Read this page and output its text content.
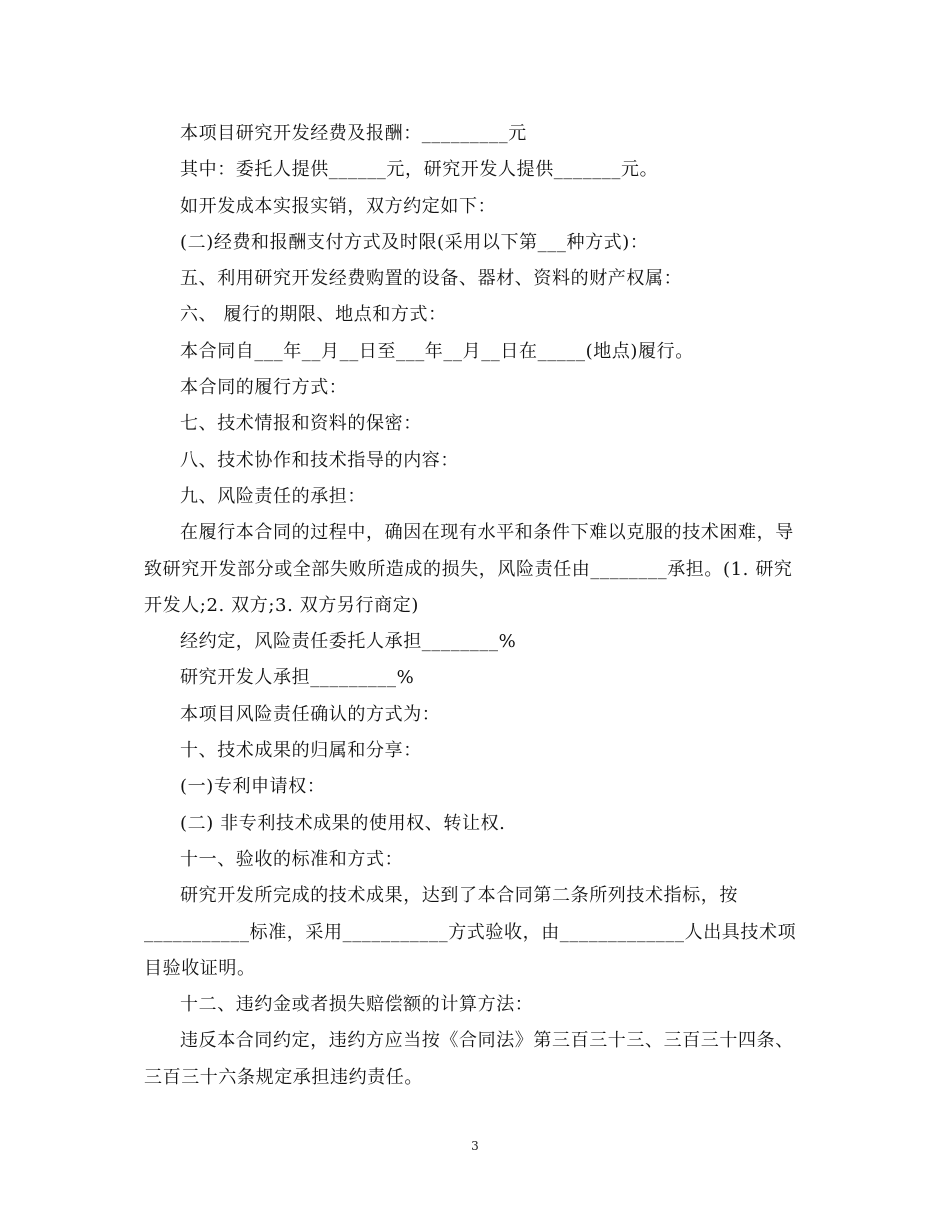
本项目研究开发经费及报酬：_________元
其中：委托人提供______元，研究开发人提供_______元。
如开发成本实报实销，双方约定如下：
(二)经费和报酬支付方式及时限(采用以下第___种方式)：
五、利用研究开发经费购置的设备、器材、资料的财产权属：
六、 履行的期限、地点和方式：
本合同自___年__月__日至___年__月__日在_____(地点)履行。
本合同的履行方式：
七、技术情报和资料的保密：
八、技术协作和技术指导的内容：
九、风险责任的承担：
在履行本合同的过程中，确因在现有水平和条件下难以克服的技术困难，导
致研究开发部分或全部失败所造成的损失，风险责任由________承担。(1. 研究
开发人;2. 双方;3. 双方另行商定)
经约定，风险责任委托人承担________%
研究开发人承担_________%
本项目风险责任确认的方式为：
十、技术成果的归属和分享：
(一)专利申请权：
(二) 非专利技术成果的使用权、转让权.
十一、验收的标准和方式：
研究开发所完成的技术成果，达到了本合同第二条所列技术指标，按
___________标准，采用___________方式验收，由_____________人出具技术项
目验收证明。
十二、违约金或者损失赔偿额的计算方法：
违反本合同约定，违约方应当按《合同法》第三百三十三、三百三十四条、
三百三十六条规定承担违约责任。
3
